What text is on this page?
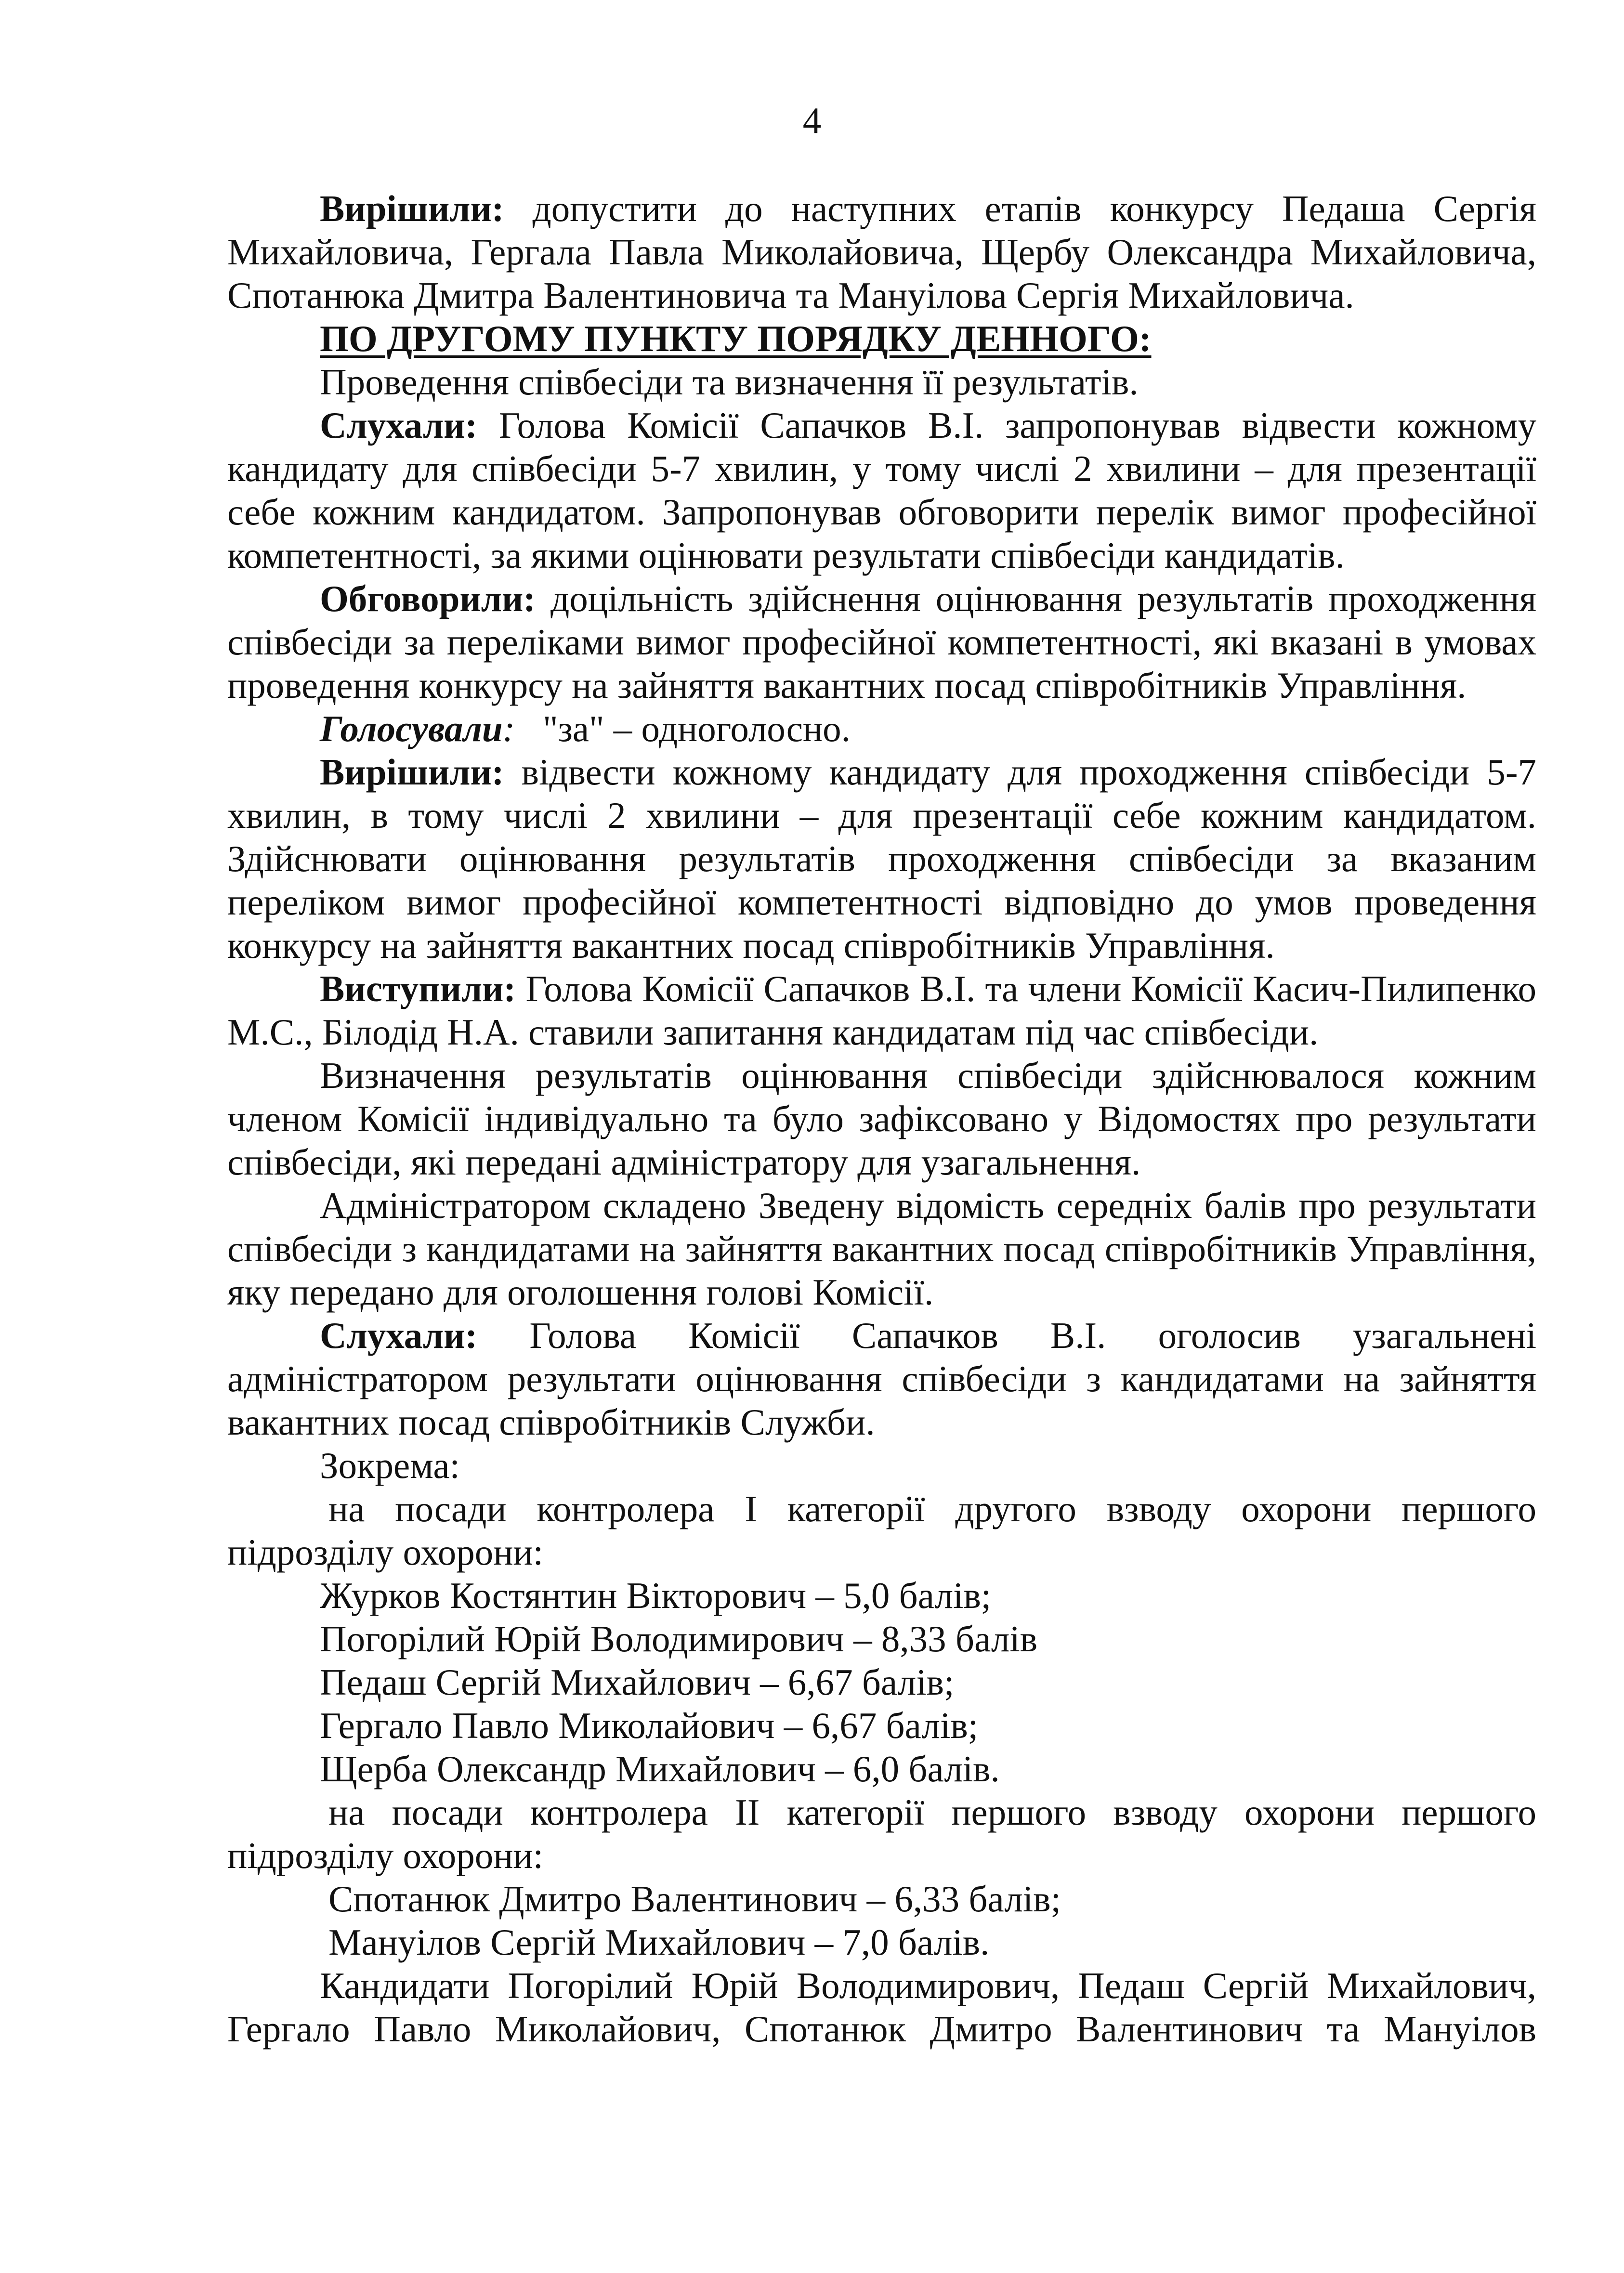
4

Вирішили: допустити до наступних етапів конкурсу Педаша Сергія Михайловича, Гергала Павла Миколайовича, Щербу Олександра Михайловича, Спотанюка Дмитра Валентиновича та Мануілова Сергія Михайловича.

ПО ДРУГОМУ ПУНКТУ ПОРЯДКУ ДЕННОГО:

Проведення співбесіди та визначення її результатів.

Слухали: Голова Комісії Сапачков В.І. запропонував відвести кожному кандидату для співбесіди 5-7 хвилин, у тому числі 2 хвилини – для презентації себе кожним кандидатом. Запропонував обговорити перелік вимог професійної компетентності, за якими оцінювати результати співбесіди кандидатів.

Обговорили: доцільність здійснення оцінювання результатів проходження співбесіди за переліками вимог професійної компетентності, які вказані в умовах проведення конкурсу на зайняття вакантних посад співробітників Управління.

Голосували:   "за" – одноголосно.

Вирішили: відвести кожному кандидату для проходження співбесіди 5-7 хвилин, в тому числі 2 хвилини – для презентації себе кожним кандидатом. Здійснювати оцінювання результатів проходження співбесіди за вказаним переліком вимог професійної компетентності відповідно до умов проведення конкурсу на зайняття вакантних посад співробітників Управління.

Виступили: Голова Комісії Сапачков В.І. та члени Комісії Касич-Пилипенко М.С., Білодід Н.А. ставили запитання кандидатам під час співбесіди.

Визначення результатів оцінювання співбесіди здійснювалося кожним членом Комісії індивідуально та було зафіксовано у Відомостях про результати співбесіди, які передані адміністратору для узагальнення.

Адміністратором складено Зведену відомість середніх балів про результати співбесіди з кандидатами на зайняття вакантних посад співробітників Управління, яку передано для оголошення голові Комісії.

Слухали: Голова Комісії Сапачков В.І. оголосив узагальнені адміністратором результати оцінювання співбесіди з кандидатами на зайняття вакантних посад співробітників Служби.

Зокрема:

на посади контролера І категорії другого взводу охорони першого підрозділу охорони:

Журков Костянтин Вікторович – 5,0 балів;

Погорілий Юрій Володимирович – 8,33 балів

Педаш Сергій Михайлович – 6,67 балів;

Гергало Павло Миколайович – 6,67 балів;

Щерба Олександр Михайлович – 6,0 балів.

на посади контролера ІІ категорії першого взводу охорони першого підрозділу охорони:

Спотанюк Дмитро Валентинович – 6,33 балів;

Мануілов Сергій Михайлович – 7,0 балів.

Кандидати Погорілий Юрій Володимирович, Педаш Сергій Михайлович, Гергало Павло Миколайович, Спотанюк Дмитро Валентинович та Мануілов
